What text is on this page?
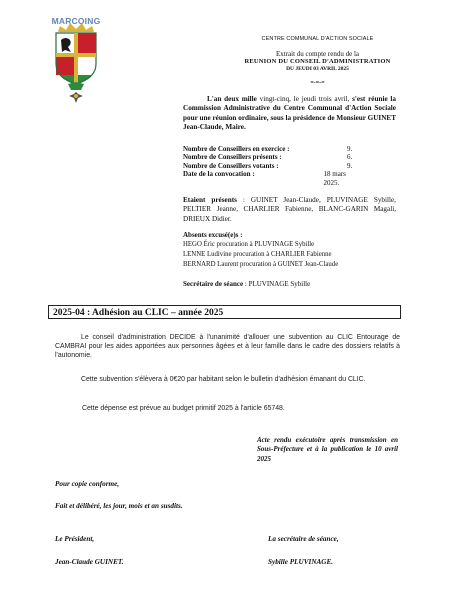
MARCOING
CENTRE COMMUNAL D'ACTION SOCIALE
Extrait du compte rendu de la
REUNION DU CONSEIL D'ADMINISTRATION
DU JEUDI 03 AVRIL 2025
=-=-=
L'an deux mille vingt-cinq, le jeudi trois avril, s'est réunie la Commission Administrative du Centre Communal d'Action Sociale pour une réunion ordinaire, sous la présidence de Monsieur GUINET Jean-Claude, Maire.
Nombre de Conseillers en exercice :	9.
Nombre de Conseillers présents :	6.
Nombre de Conseillers votants :	9.
Date de la convocation :	18 mars 2025.
Etaient présents : GUINET Jean-Claude, PLUVINAGE Sybille, PELTIER Jeanne, CHARLIER Fabienne, BLANC-GARIN Magali, DRIEUX Didier.
Absents excusé(e)s :
HEGO Éric procuration à PLUVINAGE Sybille
LENNE Ludivine procuration à CHARLIER Fabienne
BERNARD Laurent procuration à GUINET Jean-Claude
Secrétaire de séance : PLUVINAGE Sybille
2025-04 : Adhésion au CLIC – année 2025
Le conseil d'administration DECIDE à l'unanimité d'allouer une subvention au CLIC Entourage de CAMBRAI pour les aides apportées aux personnes âgées et à leur famille dans le cadre des dossiers relatifs à l'autonomie.
Cette subvention s'élèvera à 0€20 par habitant selon le bulletin d'adhésion émanant du CLIC.
Cette dépense est prévue au budget primitif 2025 à l'article 65748.
Acte rendu exécutoire après transmission en Sous-Préfecture et à la publication le 10 avril 2025
Pour copie conforme,
Fait et délibéré, les jour, mois et an susdits.
Le Président,	La secrétaire de séance,
Jean-Claude GUINET.	Sybille PLUVINAGE.
